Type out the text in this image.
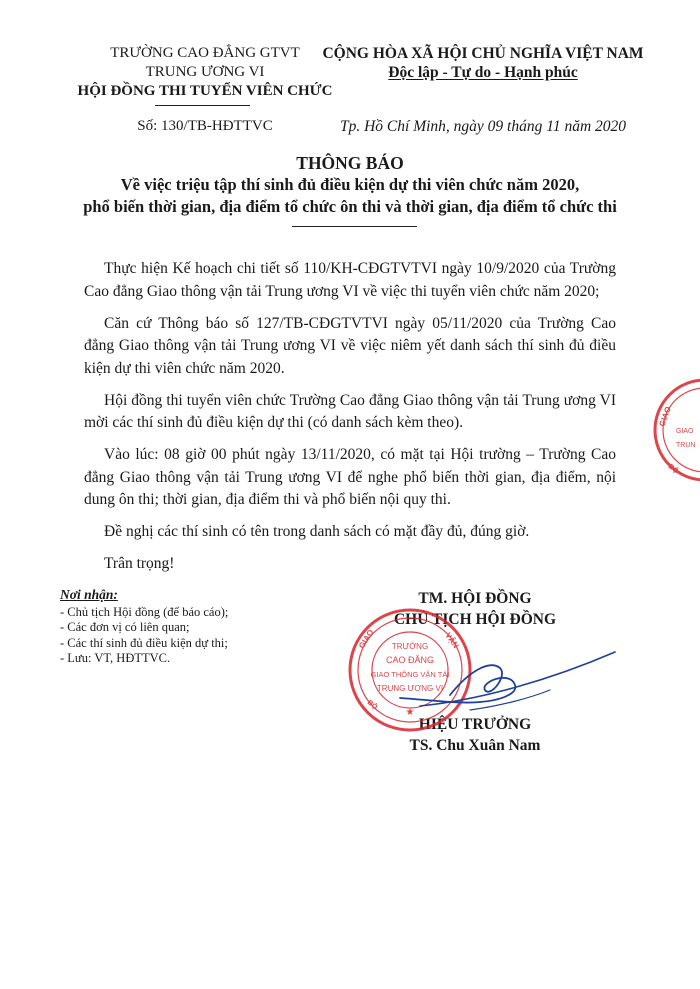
TRƯỜNG CAO ĐẲNG GTVT
TRUNG ƯƠNG VI
HỘI ĐỒNG THI TUYỂN VIÊN CHỨC
CỘNG HÒA XÃ HỘI CHỦ NGHĨA VIỆT NAM
Độc lập - Tự do - Hạnh phúc
Số: 130/TB-HĐTTVC	Tp. Hồ Chí Minh, ngày 09 tháng 11 năm 2020
THÔNG BÁO
Về việc triệu tập thí sinh đủ điều kiện dự thi viên chức năm 2020,
phổ biến thời gian, địa điểm tổ chức ôn thi và thời gian, địa điểm tổ chức thi

Thực hiện Kế hoạch chi tiết số 110/KH-CĐGTVTVI ngày 10/9/2020 của Trường Cao đẳng Giao thông vận tải Trung ương VI về việc thi tuyển viên chức năm 2020;

Căn cứ Thông báo số 127/TB-CĐGTVTVI ngày 05/11/2020 của Trường Cao đẳng Giao thông vận tải Trung ương VI về việc niêm yết danh sách thí sinh đủ điều kiện dự thi viên chức năm 2020.

Hội đồng thi tuyển viên chức Trường Cao đẳng Giao thông vận tải Trung ương VI mời các thí sinh đủ điều kiện dự thi (có danh sách kèm theo).

Vào lúc: 08 giờ 00 phút ngày 13/11/2020, có mặt tại Hội trường – Trường Cao đẳng Giao thông vận tải Trung ương VI để nghe phổ biến thời gian, địa điểm, nội dung ôn thi; thời gian, địa điểm thi và phổ biến nội quy thi.

Đề nghị các thí sinh có tên trong danh sách có mặt đầy đủ, đúng giờ.

Trân trọng!

Nơi nhận:
- Chủ tịch Hội đồng (để báo cáo);
- Các đơn vị có liên quan;
- Các thí sinh đủ điều kiện dự thi;
- Lưu: VT, HĐTTVC.
TM. HỘI ĐỒNG
CHỦ TỊCH HỘI ĐỒNG
HIỆU TRƯỞNG
TS. Chu Xuân Nam
GIAO	VẬN
BỘ
TRƯỜNG
CAO ĐẲNG
GIAO THÔNG VẬN TẢI
TRUNG ƯƠNG VI
★
GIAO
GIAO
TRUN
BỘ
